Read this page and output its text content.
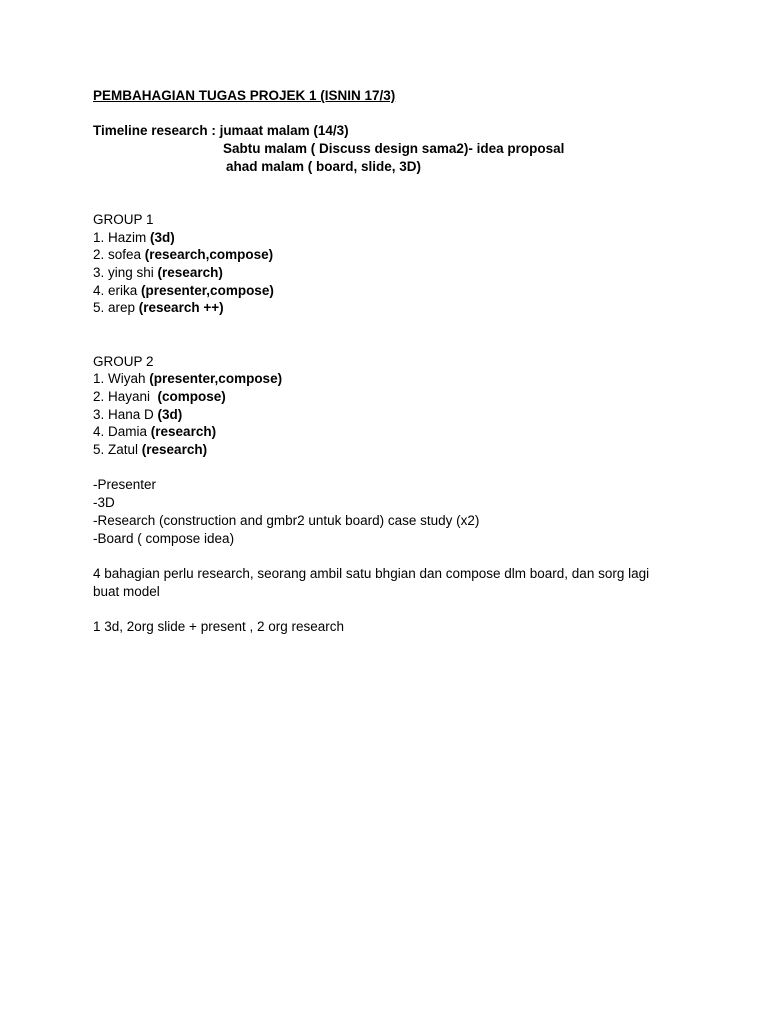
PEMBAHAGIAN TUGAS PROJEK 1 (ISNIN 17/3)

Timeline research : jumaat malam (14/3)
Sabtu malam ( Discuss design sama2)- idea proposal
ahad malam ( board, slide, 3D)
GROUP 1
1. Hazim (3d)
2. sofea (research,compose)
3. ying shi (research)
4. erika (presenter,compose)
5. arep (research ++)
GROUP 2
1. Wiyah (presenter,compose)
2. Hayani  (compose)
3. Hana D (3d)
4. Damia (research)
5. Zatul (research)
-Presenter
-3D
-Research (construction and gmbr2 untuk board) case study (x2)
-Board ( compose idea)
4 bahagian perlu research, seorang ambil satu bhgian dan compose dlm board, dan sorg lagi buat model
1 3d, 2org slide + present , 2 org research
